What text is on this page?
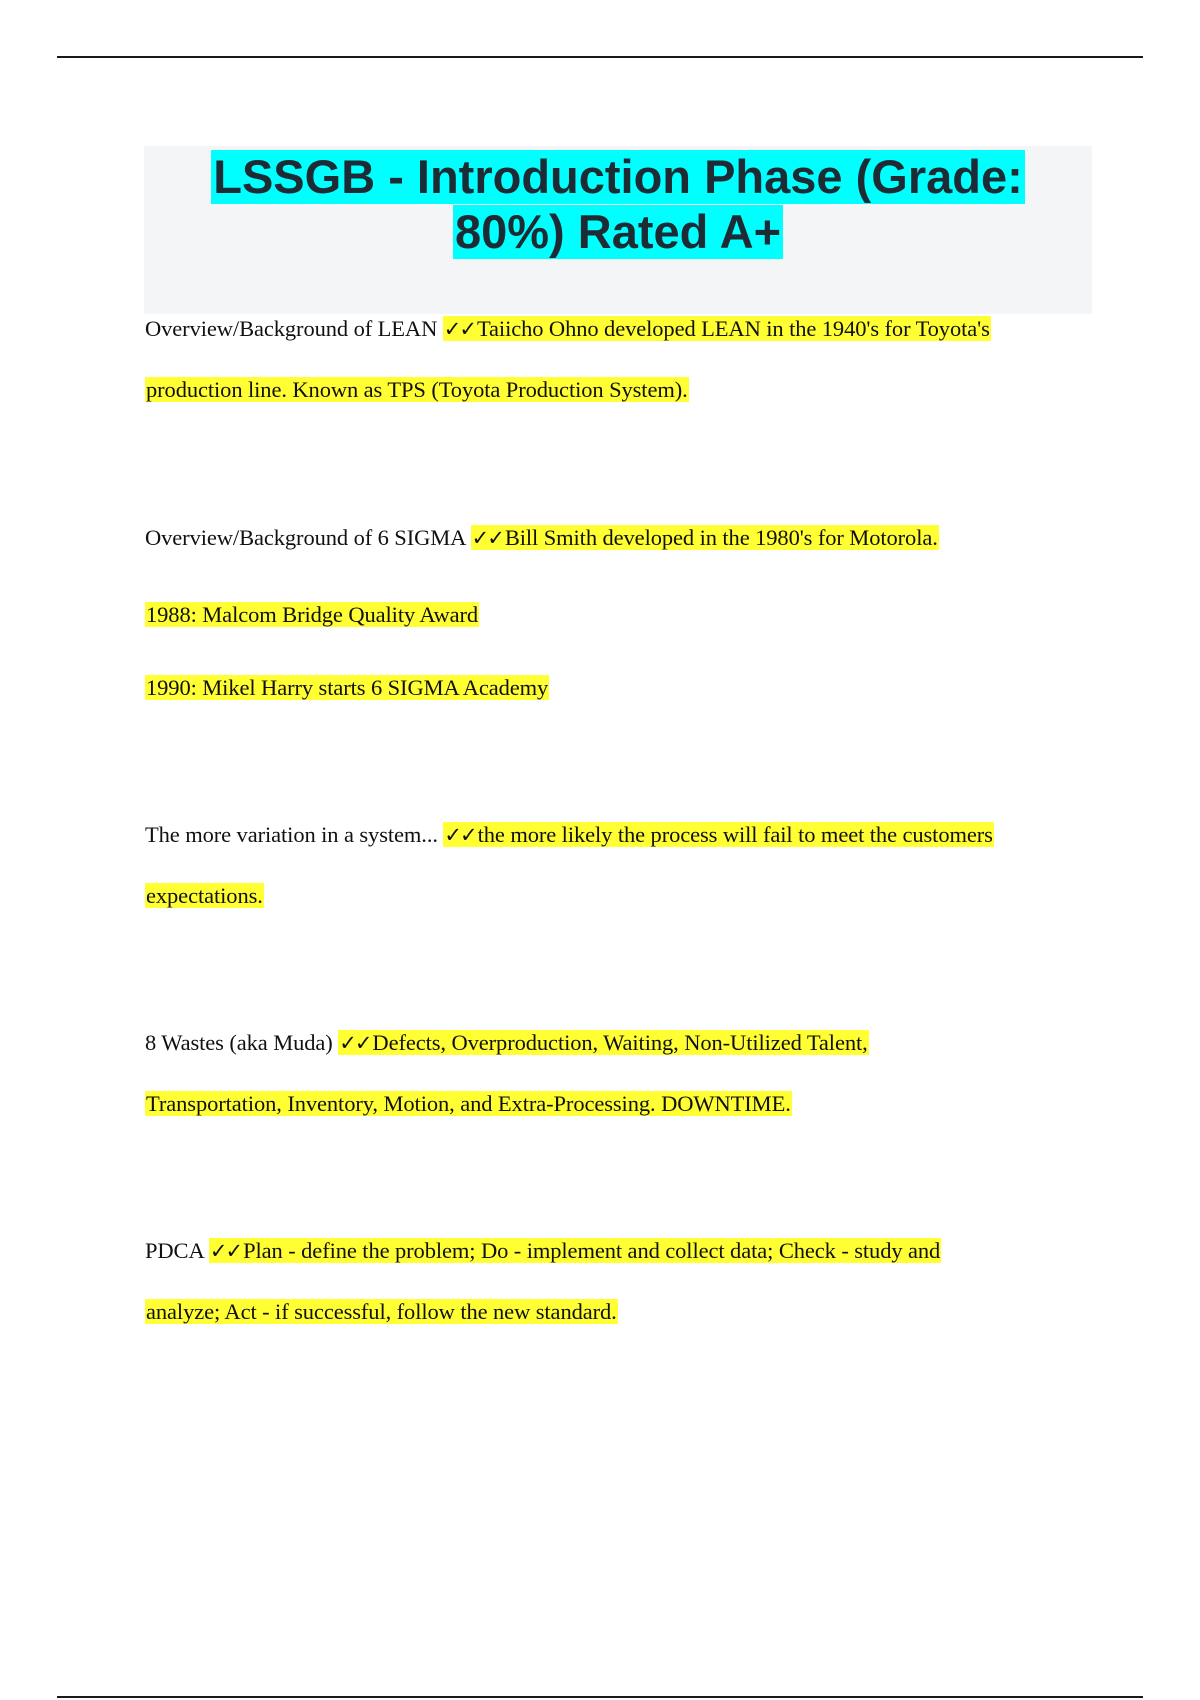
LSSGB - Introduction Phase (Grade:
80%) Rated A+
Overview/Background of LEAN ✓✓Taiicho Ohno developed LEAN in the 1940's for Toyota's
production line. Known as TPS (Toyota Production System).
Overview/Background of 6 SIGMA ✓✓Bill Smith developed in the 1980's for Motorola.
1988: Malcom Bridge Quality Award
1990: Mikel Harry starts 6 SIGMA Academy
The more variation in a system... ✓✓the more likely the process will fail to meet the customers
expectations.
8 Wastes (aka Muda) ✓✓Defects, Overproduction, Waiting, Non-Utilized Talent,
Transportation, Inventory, Motion, and Extra-Processing. DOWNTIME.
PDCA ✓✓Plan - define the problem; Do - implement and collect data; Check - study and
analyze; Act - if successful, follow the new standard.
